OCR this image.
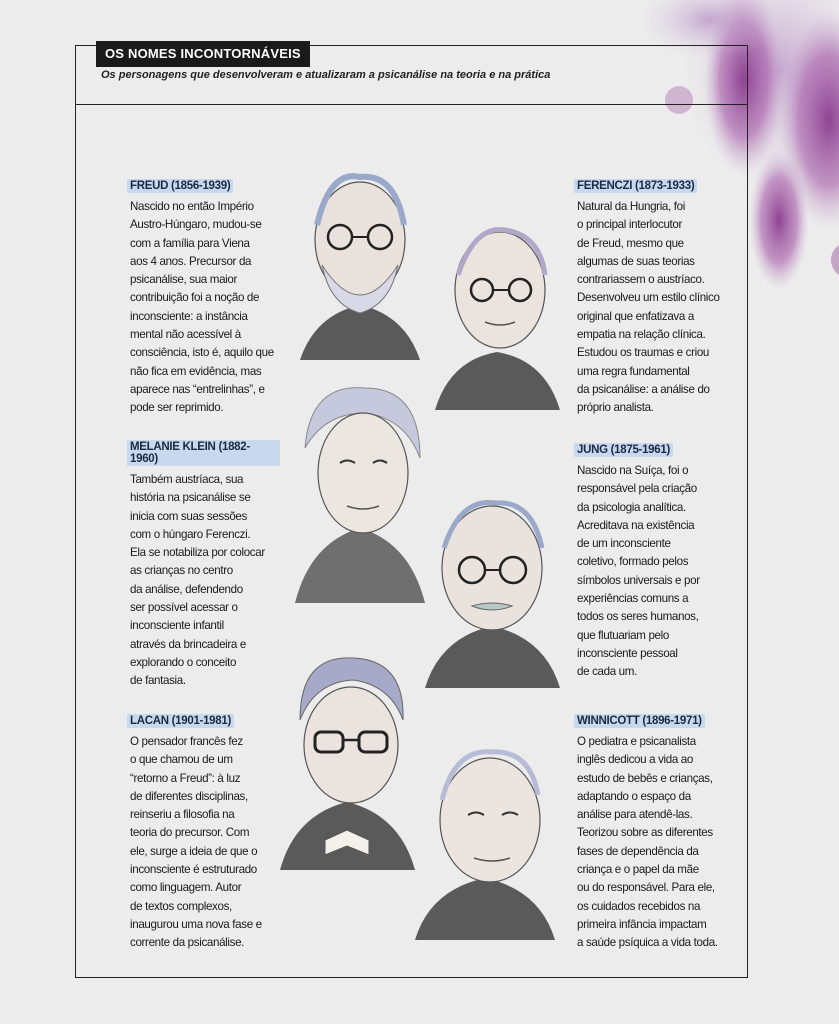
OS NOMES INCONTORNÁVEIS
Os personagens que desenvolveram e atualizaram a psicanálise na teoria e na prática
FREUD (1856-1939)
Nascido no então Império
Austro-Húngaro, mudou-se
com a família para Viena
aos 4 anos. Precursor da
psicanálise, sua maior
contribuição foi a noção de
inconsciente: a instância
mental não acessível à
consciência, isto é, aquilo que
não fica em evidência, mas
aparece nas “entrelinhas”, e
pode ser reprimido.
FERENCZI (1873-1933)
Natural da Hungria, foi
o principal interlocutor
de Freud, mesmo que
algumas de suas teorias
contrariassem o austríaco.
Desenvolveu um estilo clínico
original que enfatizava a
empatia na relação clínica.
Estudou os traumas e criou
uma regra fundamental
da psicanálise: a análise do
próprio analista.
MELANIE KLEIN (1882-1960)
Também austríaca, sua
história na psicanálise se
inicia com suas sessões
com o húngaro Ferenczi.
Ela se notabiliza por colocar
as crianças no centro
da análise, defendendo
ser possível acessar o
inconsciente infantil
através da brincadeira e
explorando o conceito
de fantasia.
JUNG (1875-1961)
Nascido na Suíça, foi o
responsável pela criação
da psicologia analítica.
Acreditava na existência
de um inconsciente
coletivo, formado pelos
símbolos universais e por
experiências comuns a
todos os seres humanos,
que flutuariam pelo
inconsciente pessoal
de cada um.
LACAN (1901-1981)
O pensador francês fez
o que chamou de um
“retorno a Freud”: à luz
de diferentes disciplinas,
reinseriu a filosofia na
teoria do precursor. Com
ele, surge a ideia de que o
inconsciente é estruturado
como linguagem. Autor
de textos complexos,
inaugurou uma nova fase e
corrente da psicanálise.
WINNICOTT (1896-1971)
O pediatra e psicanalista
inglês dedicou a vida ao
estudo de bebês e crianças,
adaptando o espaço da
análise para atendê-las.
Teorizou sobre as diferentes
fases de dependência da
criança e o papel da mãe
ou do responsável. Para ele,
os cuidados recebidos na
primeira infância impactam
a saúde psíquica a vida toda.
